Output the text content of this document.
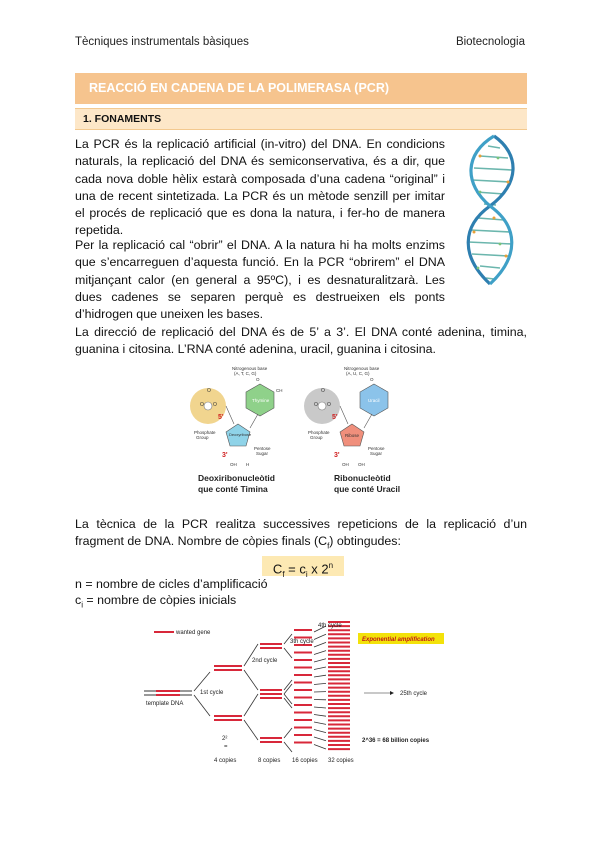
Tècniques instrumentals bàsiques	Biotecnologia
REACCIÓ EN CADENA DE LA POLIMERASA (PCR)
1. FONAMENTS

La PCR és la replicació artificial (in-vitro) del DNA. En condicions naturals, la replicació del DNA és semiconservativa, és a dir, que cada nova doble hèlix estarà composada d’una cadena “original” i una de recent sintetizada. La PCR és un mètode senzill per imitar el procés de replicació que es dona la natura, i fer-ho de manera repetida.

Per la replicació cal “obrir” el DNA. A la natura hi ha molts enzims que s’encarreguen d’aquesta funció. En la PCR “obrirem” el DNA mitjançant calor (en general a 95ºC), i es desnaturalitzarà. Les dues cadenes se separen perquè es destrueixen els ponts d’hidrogen que uneixen les bases.

La direcció de replicació del DNA és de 5’ a 3’. El DNA conté adenina, timina, guanina i citosina. L’RNA conté adenina, uracil, guanina i citosina.

Nitrogenous base
(A, T, C, G)
O O
O
Phosphate
Group
Thymine
O
CH
Deoxyribose
5'
3'
OH H
Pentose
Sugar
Deoxiribonucleòtid
que conté Timina
Nitrogenous base
(A, U, C, G)
O O
O
Phosphate
Group
Uracil
O
Ribose
5'
3'
OH OH
Pentose
Sugar
Ribonucleòtid
que conté Uracil

La tècnica de la PCR realitza successives repeticions de la replicació d’un fragment de DNA. Nombre de còpies finals $(C_f)$ obtingudes:

$C_f = c_i$ x 2$^n$
n = nombre de cicles d’amplificació
$c_i$ = nombre de còpies inicials
wanted gene
template DNA
1st cycle
2nd cycle
3th cycle
4th cycle
Exponential amplification
25th cycle
2^36 = 68 billion copies
2²
=
4 copies	8 copies 16 copies 32 copies
